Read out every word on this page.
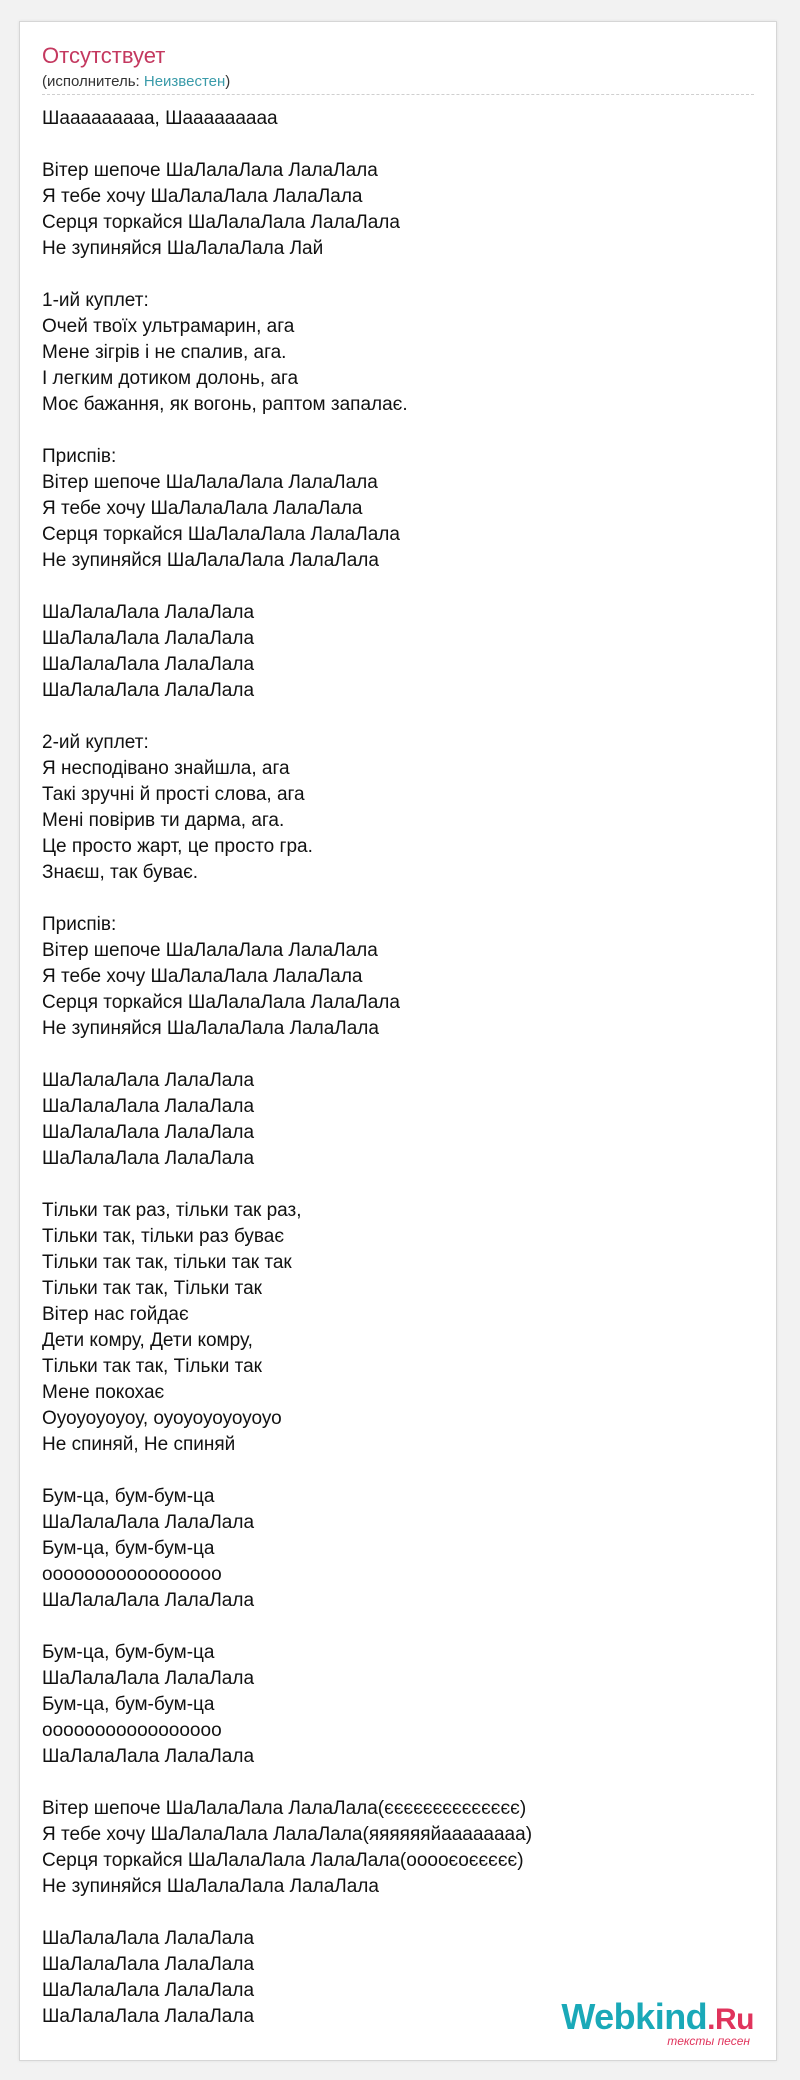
Отсутствует
(исполнитель: Неизвестен)
Шааааааааа, Шааааааааа
Вітер шепоче ШаЛалаЛала ЛалаЛала
Я тебе хочу ШаЛалаЛала ЛалаЛала
Серця торкайся ШаЛалаЛала ЛалаЛала
Не зупиняйся ШаЛалаЛала Лай
1-ий куплет:
Очей твоїх ультрамарин, ага
Мене зігрів і не спалив, ага.
І легким дотиком долонь, ага
Моє бажання, як вогонь, раптом запалає.
Приспів:
Вітер шепоче ШаЛалаЛала ЛалаЛала
Я тебе хочу ШаЛалаЛала ЛалаЛала
Серця торкайся ШаЛалаЛала ЛалаЛала
Не зупиняйся ШаЛалаЛала ЛалаЛала
ШаЛалаЛала ЛалаЛала
ШаЛалаЛала ЛалаЛала
ШаЛалаЛала ЛалаЛала
ШаЛалаЛала ЛалаЛала
2-ий куплет:
Я несподівано знайшла, ага
Такі зручні й прості слова, ага
Мені повірив ти дарма, ага.
Це просто жарт, це просто гра.
Знаєш, так буває.
Приспів:
Вітер шепоче ШаЛалаЛала ЛалаЛала
Я тебе хочу ШаЛалаЛала ЛалаЛала
Серця торкайся ШаЛалаЛала ЛалаЛала
Не зупиняйся ШаЛалаЛала ЛалаЛала
ШаЛалаЛала ЛалаЛала
ШаЛалаЛала ЛалаЛала
ШаЛалаЛала ЛалаЛала
ШаЛалаЛала ЛалаЛала
Тільки так раз, тільки так раз,
Тільки так, тільки раз буває
Тільки так так, тільки так так
Тільки так так, Тільки так
Вітер нас гойдає
Дети комру, Дети комру,
Тільки так так, Тільки так
Мене покохає
Оуоуоуоуоу, оуоуоуоуоуоуо
Не спиняй, Не спиняй
Бум-ца, бум-бум-ца
ШаЛалаЛала ЛалаЛала
Бум-ца, бум-бум-ца
ооооооооооооооооо
ШаЛалаЛала ЛалаЛала
Бум-ца, бум-бум-ца
ШаЛалаЛала ЛалаЛала
Бум-ца, бум-бум-ца
ооооооооооооооооо
ШаЛалаЛала ЛалаЛала
Вітер шепоче ШаЛалаЛала ЛалаЛала(єєєєєєєєєєєєєє)
Я тебе хочу ШаЛалаЛала ЛалаЛала(яяяяяяйаааааааа)
Серця торкайся ШаЛалаЛала ЛалаЛала(ооооєоєєєєє)
Не зупиняйся ШаЛалаЛала ЛалаЛала
ШаЛалаЛала ЛалаЛала
ШаЛалаЛала ЛалаЛала
ШаЛалаЛала ЛалаЛала
ШаЛалаЛала ЛалаЛала	Webkind.Ru
тексты песен
